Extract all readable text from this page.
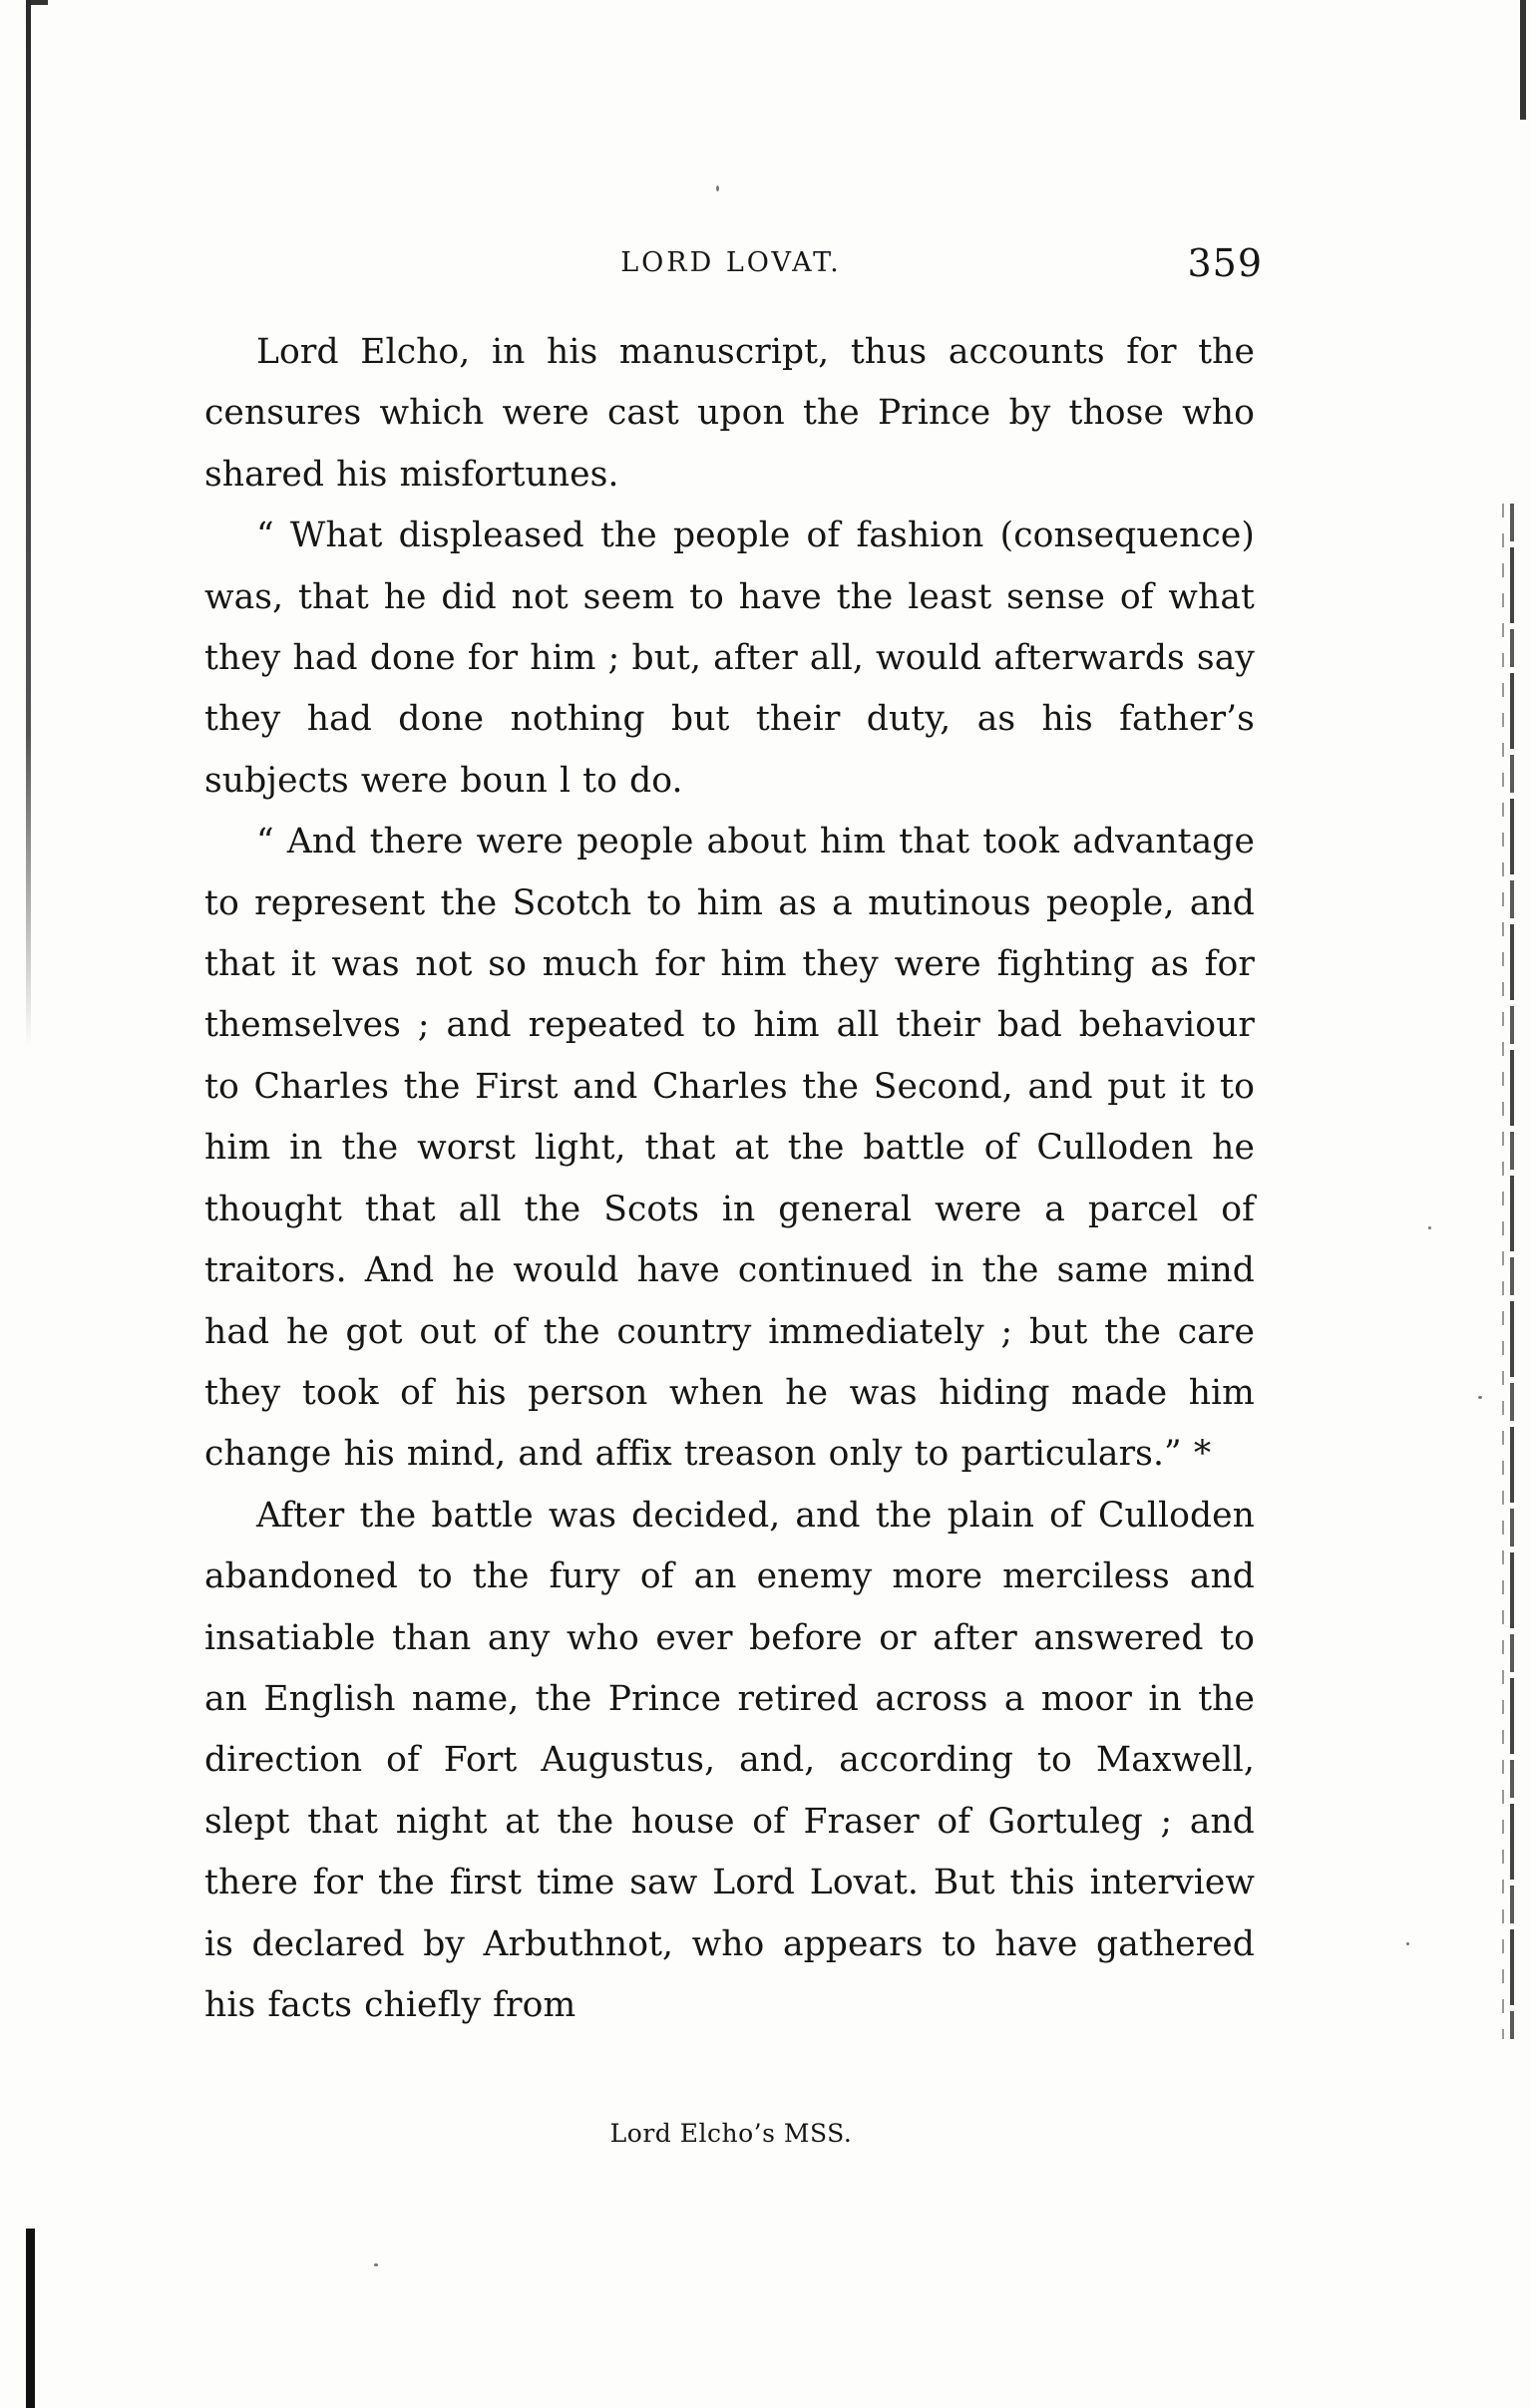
LORD LOVAT.	359

Lord Elcho, in his manuscript, thus accounts for the censures which were cast upon the Prince by those who shared his misfortunes.

“ What displeased the people of fashion (consequence) was, that he did not seem to have the least sense of what they had done for him ; but, after all, would afterwards say they had done nothing but their duty, as his father’s subjects were boun l to do.

“ And there were people about him that took advantage to represent the Scotch to him as a mutinous people, and that it was not so much for him they were fighting as for themselves ; and repeated to him all their bad behaviour to Charles the First and Charles the Second, and put it to him in the worst light, that at the battle of Culloden he thought that all the Scots in general were a parcel of traitors. And he would have continued in the same mind had he got out of the country immediately ; but the care they took of his person when he was hiding made him change his mind, and affix treason only to particulars.” *

After the battle was decided, and the plain of Culloden abandoned to the fury of an enemy more merciless and insatiable than any who ever before or after answered to an English name, the Prince retired across a moor in the direction of Fort Augustus, and, according to Maxwell, slept that night at the house of Fraser of Gortuleg ; and there for the first time saw Lord Lovat. But this interview is declared by Arbuthnot, who appears to have gathered his facts chiefly from

Lord Elcho’s MSS.
